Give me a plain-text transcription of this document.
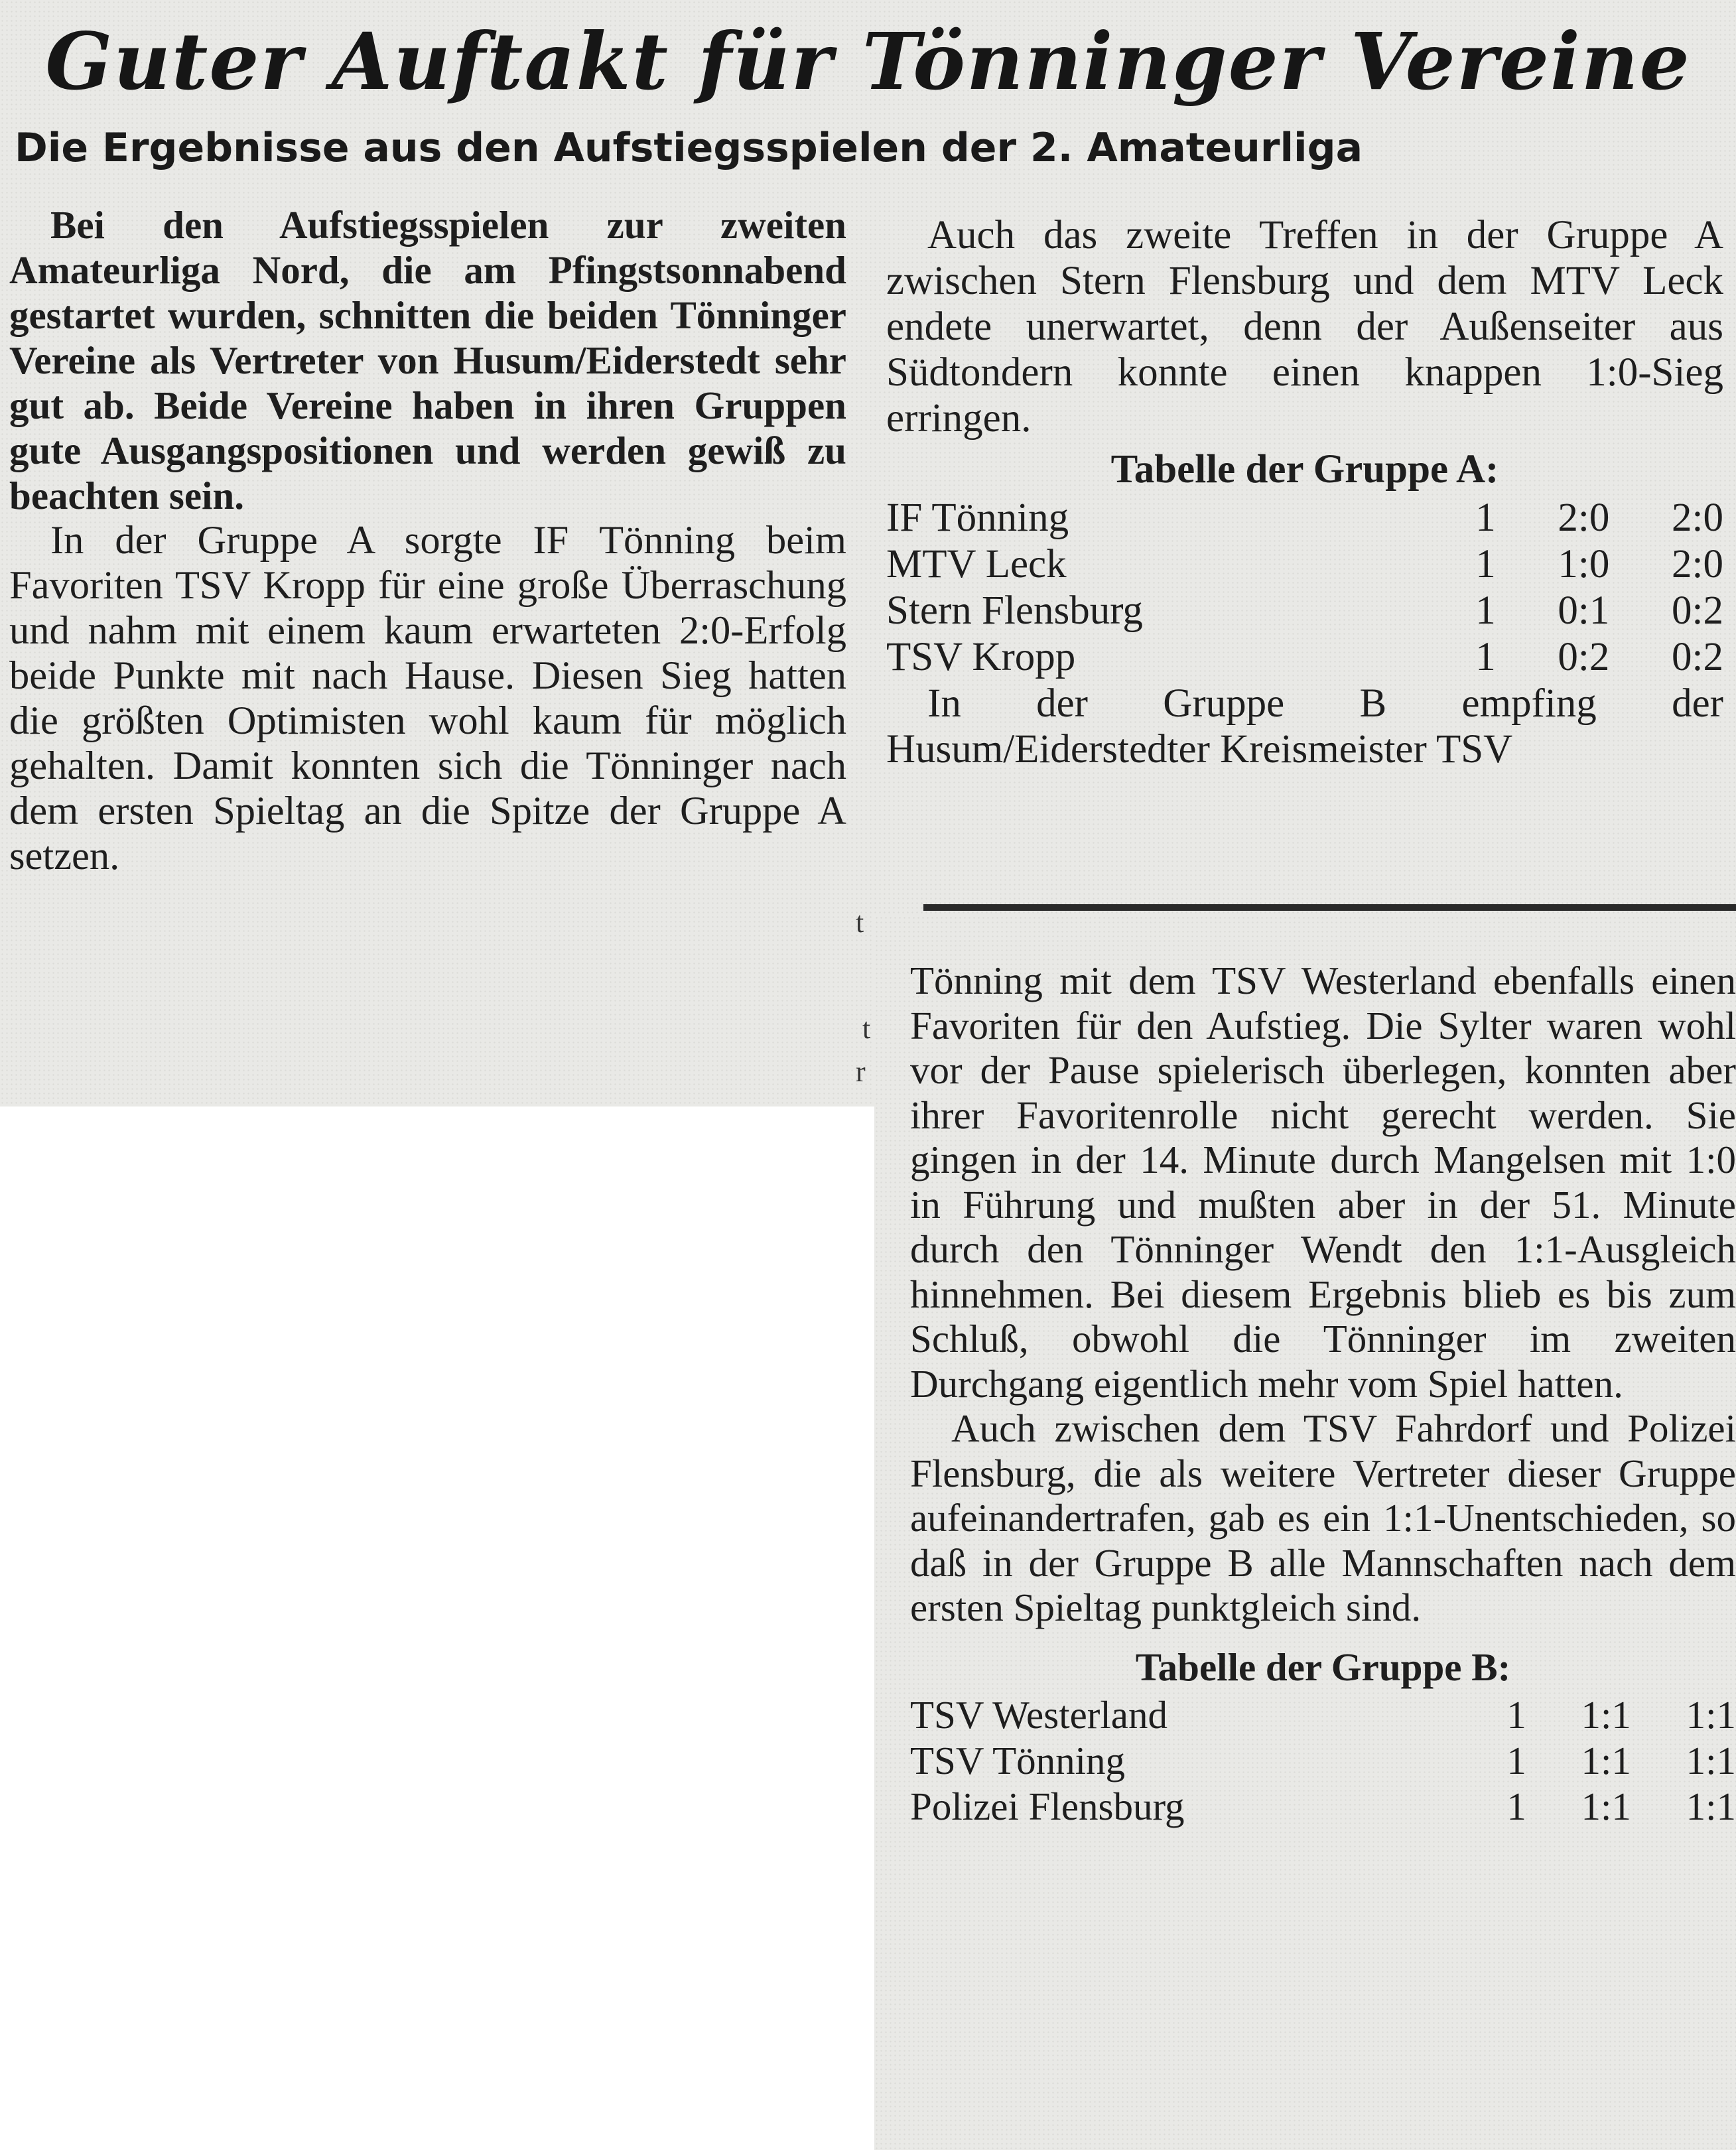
Guter Auftakt für Tönninger Vereine
Die Ergebnisse aus den Aufstiegsspielen der 2. Amateurliga

Bei den Aufstiegsspielen zur zweiten Amateurliga Nord, die am Pfingstsonnabend gestartet wurden, schnitten die beiden Tönninger Vereine als Vertreter von Husum/Eiderstedt sehr gut ab. Beide Vereine haben in ihren Gruppen gute Ausgangspositionen und werden gewiß zu beachten sein.

In der Gruppe A sorgte IF Tönning beim Favoriten TSV Kropp für eine große Überraschung und nahm mit einem kaum erwarteten 2:0-Erfolg beide Punkte mit nach Hause. Diesen Sieg hatten die größten Optimisten wohl kaum für möglich gehalten. Damit konnten sich die Tönninger nach dem ersten Spieltag an die Spitze der Gruppe A setzen.

Auch das zweite Treffen in der Gruppe A zwischen Stern Flensburg und dem MTV Leck endete unerwartet, denn der Außenseiter aus Südtondern konnte einen knappen 1:0-Sieg erringen.

Tabelle der Gruppe A:
IF Tönning	1	2:0	2:0
MTV Leck	1	1:0	2:0
Stern Flensburg	1	0:1	0:2
TSV Kropp	1	0:2	0:2

In der Gruppe B empfing der Husum/Eiderstedter Kreismeister TSV

t
t
r

Tönning mit dem TSV Westerland ebenfalls einen Favoriten für den Aufstieg. Die Sylter waren wohl vor der Pause spielerisch überlegen, konnten aber ihrer Favoritenrolle nicht gerecht werden. Sie gingen in der 14. Minute durch Mangelsen mit 1:0 in Führung und mußten aber in der 51. Minute durch den Tönninger Wendt den 1:1-Ausgleich hinnehmen. Bei diesem Ergebnis blieb es bis zum Schluß, obwohl die Tönninger im zweiten Durchgang eigentlich mehr vom Spiel hatten.

Auch zwischen dem TSV Fahrdorf und Polizei Flensburg, die als weitere Vertreter dieser Gruppe aufeinandertrafen, gab es ein 1:1-Unentschieden, so daß in der Gruppe B alle Mannschaften nach dem ersten Spieltag punktgleich sind.

Tabelle der Gruppe B:
TSV Westerland	1	1:1	1:1
TSV Tönning	1	1:1	1:1
Polizei Flensburg	1	1:1	1:1
